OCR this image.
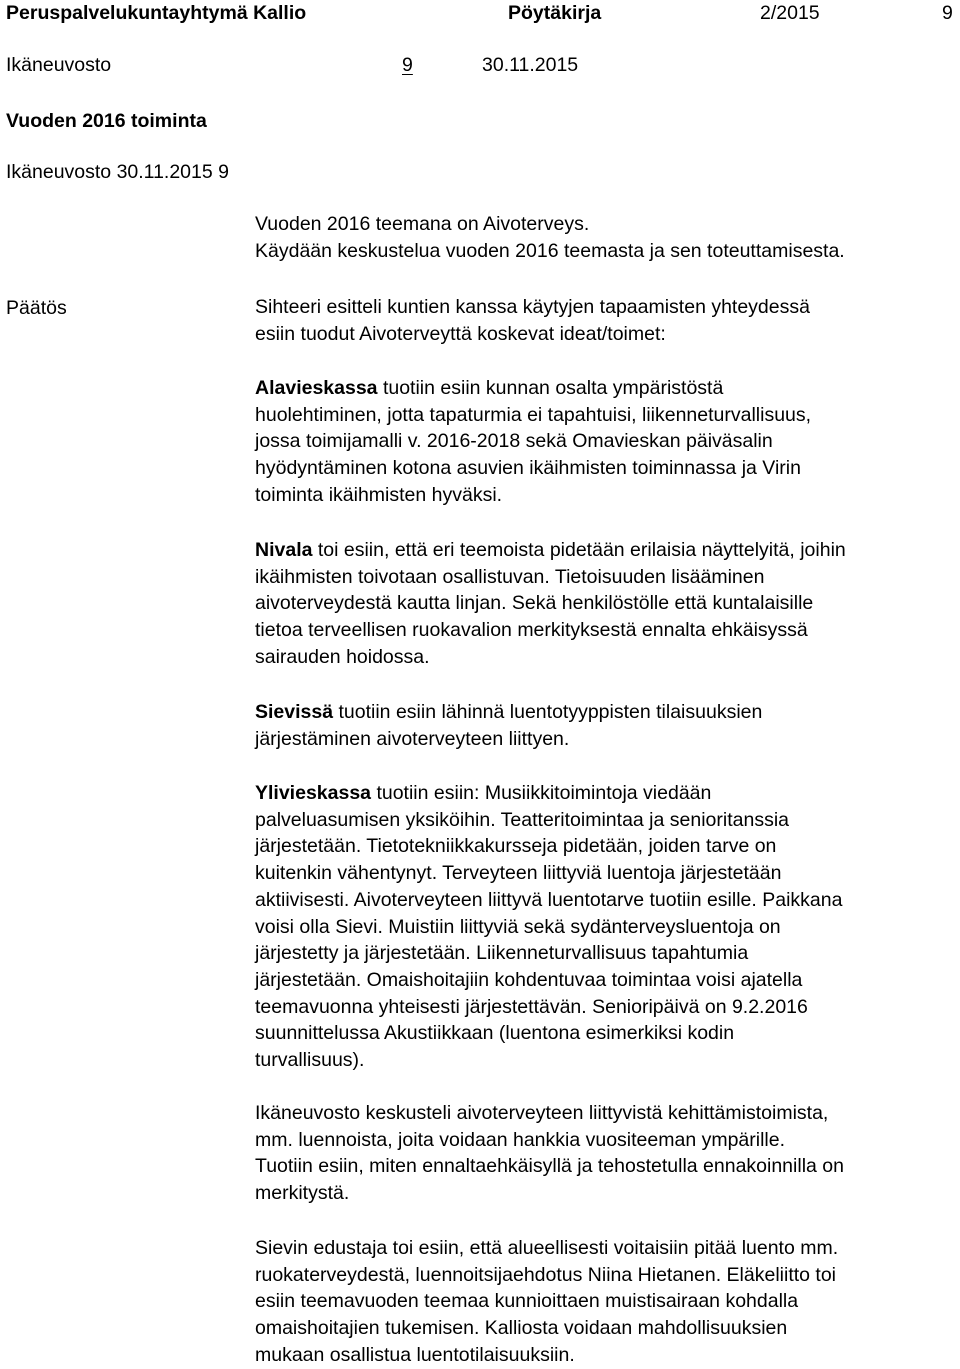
Peruspalvelukuntayhtymä Kallio	Pöytäkirja	2/2015	9
Ikäneuvosto	9	30.11.2015
Vuoden 2016 toiminta
Ikäneuvosto 30.11.2015 9
Vuoden 2016 teemana on Aivoterveys.
Käydään keskustelua vuoden 2016 teemasta ja sen toteuttamisesta.
Päätös	Sihteeri esitteli kuntien kanssa käytyjen tapaamisten yhteydessä
esiin tuodut Aivoterveyttä koskevat ideat/toimet:
Alavieskassa tuotiin esiin kunnan osalta ympäristöstä
huolehtiminen, jotta tapaturmia ei tapahtuisi, liikenneturvallisuus,
jossa toimijamalli v. 2016-2018 sekä Omavieskan päiväsalin
hyödyntäminen kotona asuvien ikäihmisten toiminnassa ja Virin
toiminta ikäihmisten hyväksi.
Nivala toi esiin, että eri teemoista pidetään erilaisia näyttelyitä, joihin
ikäihmisten toivotaan osallistuvan. Tietoisuuden lisääminen
aivoterveydestä kautta linjan. Sekä henkilöstölle että kuntalaisille
tietoa terveellisen ruokavalion merkityksestä ennalta ehkäisyssä
sairauden hoidossa.
Sievissä tuotiin esiin lähinnä luentotyyppisten tilaisuuksien
järjestäminen aivoterveyteen liittyen.
Ylivieskassa tuotiin esiin: Musiikkitoimintoja viedään
palveluasumisen yksiköihin. Teatteritoimintaa ja senioritanssia
järjestetään. Tietotekniikkakursseja pidetään, joiden tarve on
kuitenkin vähentynyt. Terveyteen liittyviä luentoja järjestetään
aktiivisesti. Aivoterveyteen liittyvä luentotarve tuotiin esille. Paikkana
voisi olla Sievi. Muistiin liittyviä sekä sydänterveysluentoja on
järjestetty ja järjestetään. Liikenneturvallisuus tapahtumia
järjestetään. Omaishoitajiin kohdentuvaa toimintaa voisi ajatella
teemavuonna yhteisesti järjestettävän. Senioripäivä on 9.2.2016
suunnittelussa Akustiikkaan (luentona esimerkiksi kodin
turvallisuus).
Ikäneuvosto keskusteli aivoterveyteen liittyvistä kehittämistoimista,
mm. luennoista, joita voidaan hankkia vuositeeman ympärille.
Tuotiin esiin, miten ennaltaehkäisyllä ja tehostetulla ennakoinnilla on
merkitystä.
Sievin edustaja toi esiin, että alueellisesti voitaisiin pitää luento mm.
ruokaterveydestä, luennoitsijaehdotus Niina Hietanen. Eläkeliitto toi
esiin teemavuoden teemaa kunnioittaen muistisairaan kohdalla
omaishoitajien tukemisen. Kalliosta voidaan mahdollisuuksien
mukaan osallistua luentotilaisuuksiin.
